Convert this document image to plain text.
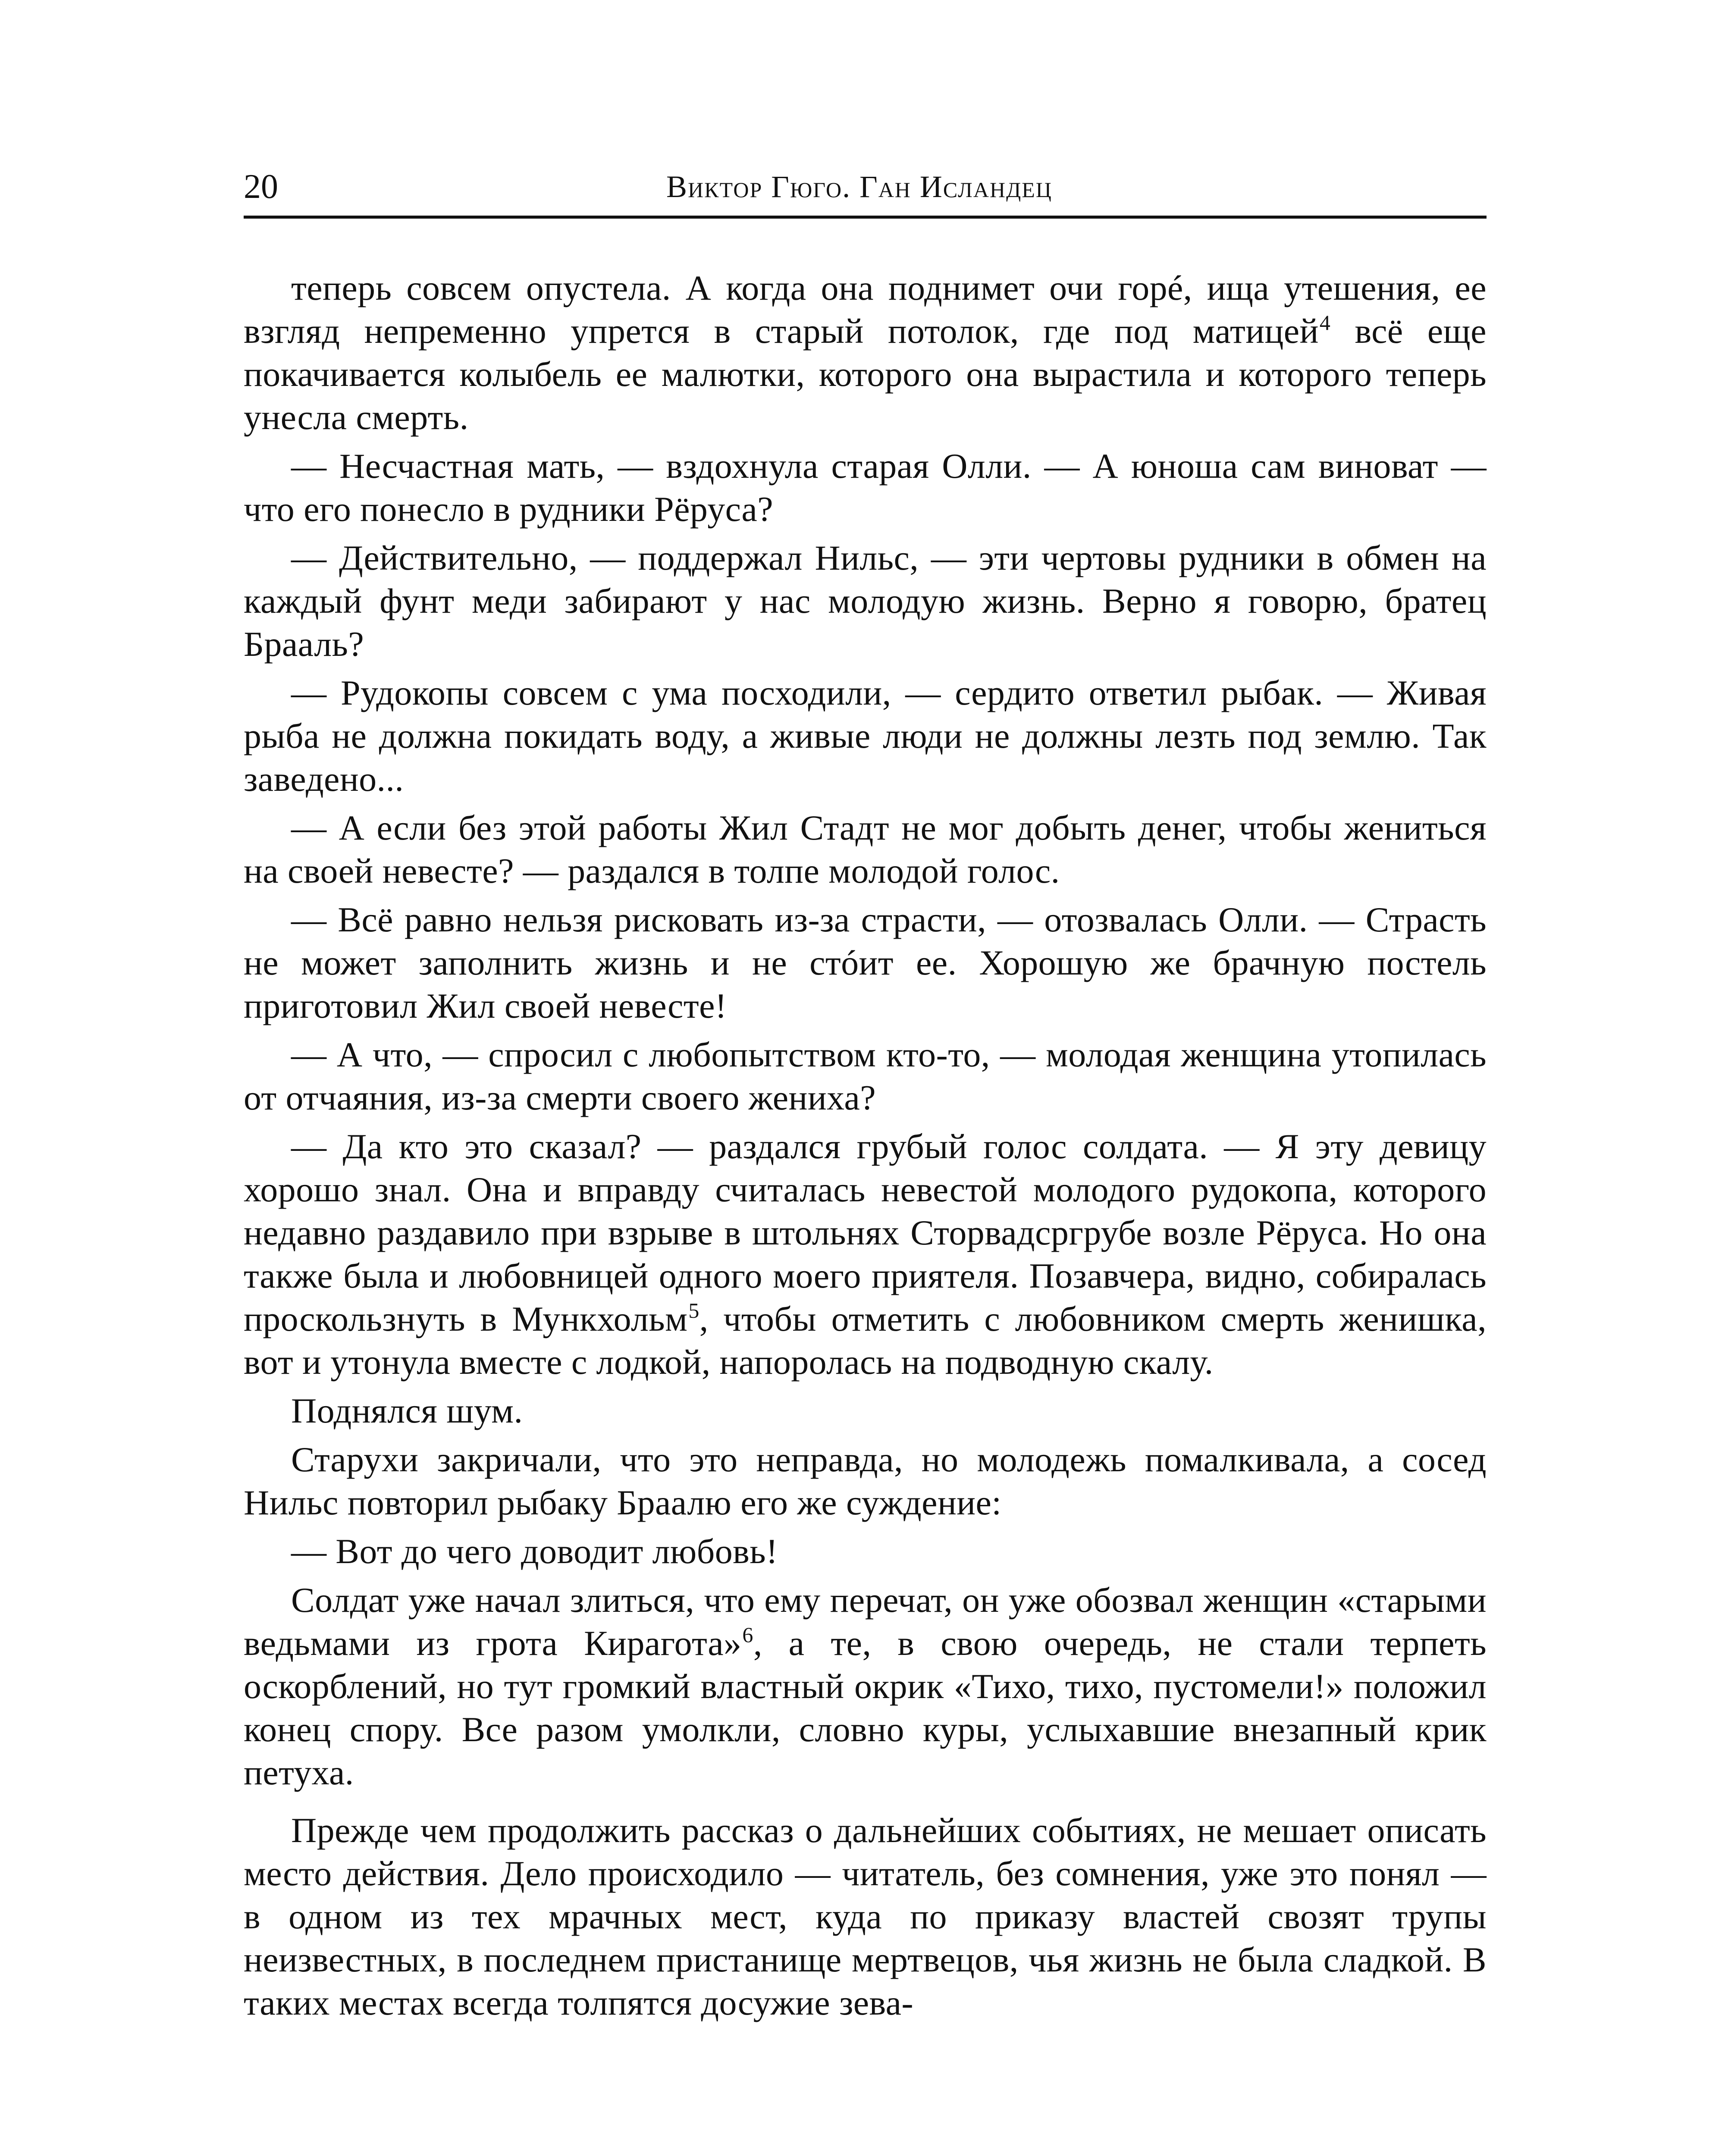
20	Виктор Гюго. Ган Исландец

теперь совсем опустела. А когда она поднимет очи горé, ища утешения, ее взгляд непременно упрется в старый потолок, где под матицей$^4$ всё еще покачивается колыбель ее малютки, которого она вырастила и которого теперь унесла смерть.

— Несчастная мать, — вздохнула старая Олли. — А юноша сам виноват — что его понесло в рудники Рёруса?

— Действительно, — поддержал Нильс, — эти чертовы рудники в обмен на каждый фунт меди забирают у нас молодую жизнь. Верно я говорю, братец Брааль?

— Рудокопы совсем с ума посходили, — сердито ответил рыбак. — Живая рыба не должна покидать воду, а живые люди не должны лезть под землю. Так заведено...

— А если без этой работы Жил Стадт не мог добыть денег, чтобы жениться на своей невесте? — раздался в толпе молодой голос.

— Всё равно нельзя рисковать из-за страсти, — отозвалась Олли. — Страсть не может заполнить жизнь и не стóит ее. Хорошую же брачную постель приготовил Жил своей невесте!

— А что, — спросил с любопытством кто-то, — молодая женщина утопилась от отчаяния, из-за смерти своего жениха?

— Да кто это сказал? — раздался грубый голос солдата. — Я эту девицу хорошо знал. Она и вправду считалась невестой молодого рудокопа, которого недавно раздавило при взрыве в штольнях Сторвадсргрубе возле Рёруса. Но она также была и любовницей одного моего приятеля. Позавчера, видно, собиралась проскользнуть в Мункхольм$^5$, чтобы отметить с любовником смерть женишка, вот и утонула вместе с лодкой, напоролась на подводную скалу.

Поднялся шум.

Старухи закричали, что это неправда, но молодежь помалкивала, а сосед Нильс повторил рыбаку Браалю его же суждение:

— Вот до чего доводит любовь!

Солдат уже начал злиться, что ему перечат, он уже обозвал женщин «старыми ведьмами из грота Кирагота»$^6$, а те, в свою очередь, не стали терпеть оскорблений, но тут громкий властный окрик «Тихо, тихо, пустомели!» положил конец спору. Все разом умолкли, словно куры, услыхавшие внезапный крик петуха.

Прежде чем продолжить рассказ о дальнейших событиях, не мешает описать место действия. Дело происходило — читатель, без сомнения, уже это понял — в одном из тех мрачных мест, куда по приказу властей свозят трупы неизвестных, в последнем пристанище мертвецов, чья жизнь не была сладкой. В таких местах всегда толпятся досужие зева-
